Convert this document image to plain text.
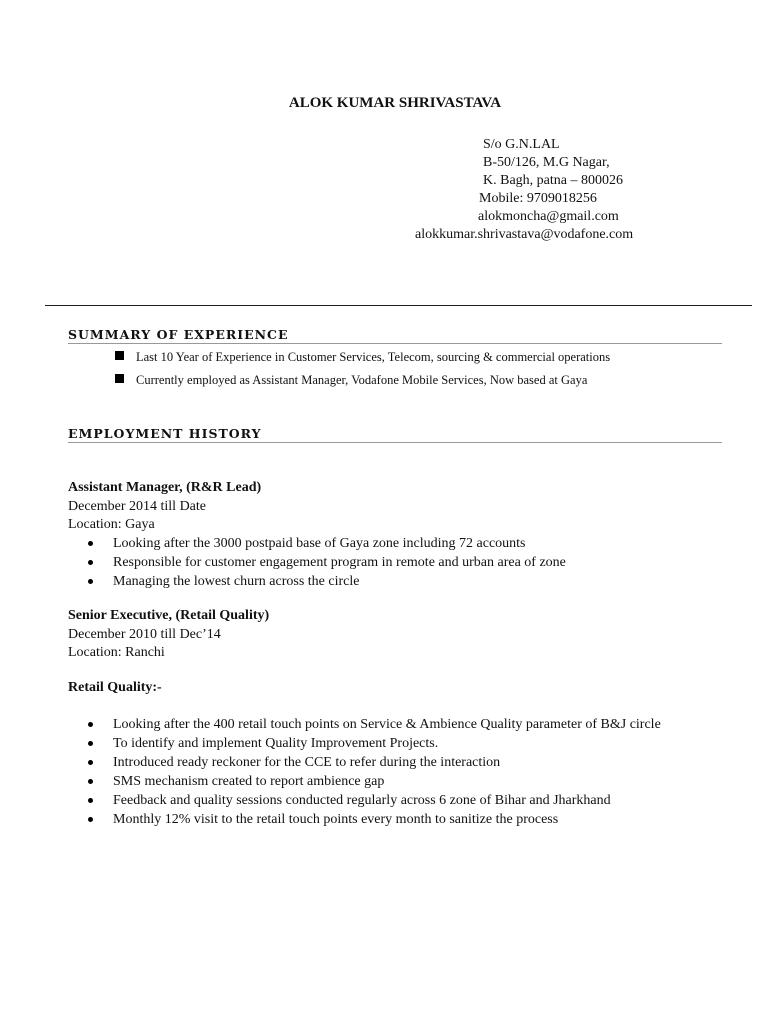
ALOK KUMAR SHRIVASTAVA
S/o G.N.LAL
B-50/126, M.G Nagar,
K. Bagh, patna – 800026
Mobile: 9709018256
alokmoncha@gmail.com
alokkumar.shrivastava@vodafone.com
SUMMARY OF EXPERIENCE
Last 10 Year of Experience in Customer Services, Telecom, sourcing & commercial operations
Currently employed as Assistant Manager, Vodafone Mobile Services, Now based at Gaya
EMPLOYMENT HISTORY
Assistant Manager, (R&R Lead)
December 2014 till Date
Location: Gaya
Looking after the 3000 postpaid base of Gaya zone including 72 accounts
Responsible for customer engagement program in remote and urban area of zone
Managing the lowest churn across the circle
Senior Executive, (Retail Quality)
December 2010 till Dec’14
Location: Ranchi
Retail Quality:-
Looking after the 400 retail touch points on Service & Ambience Quality parameter of B&J circle
To identify and implement Quality Improvement Projects.
Introduced ready reckoner for the CCE to refer during the interaction
SMS mechanism created to report ambience gap
Feedback and quality sessions conducted regularly across 6 zone of Bihar and Jharkhand
Monthly 12% visit to the retail touch points every month to sanitize the process
